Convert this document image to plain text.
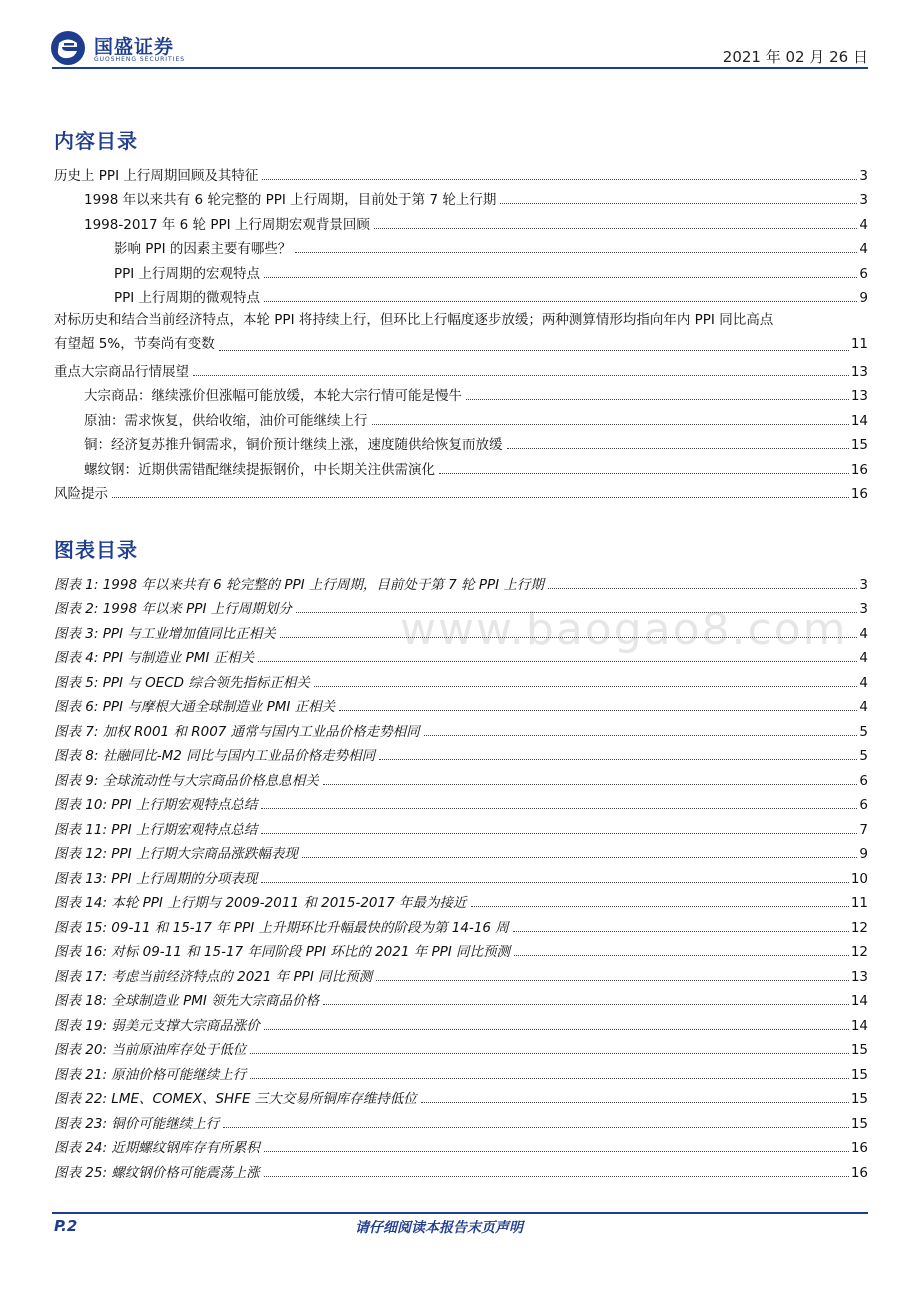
国盛证券
GUOSHENG SECURITIES	2021 年 02 月 26 日
内容目录
历史上 PPI 上行周期回顾及其特征	3
1998 年以来共有 6 轮完整的 PPI 上行周期，目前处于第 7 轮上行期	3
1998-2017 年 6 轮 PPI 上行周期宏观背景回顾	4
影响 PPI 的因素主要有哪些？	4
PPI 上行周期的宏观特点	6
PPI 上行周期的微观特点	9
对标历史和结合当前经济特点，本轮 PPI 将持续上行，但环比上行幅度逐步放缓；两种测算情形均指向年内 PPI 同比高点
有望超 5%，节奏尚有变数	11
重点大宗商品行情展望	13
大宗商品：继续涨价但涨幅可能放缓，本轮大宗行情可能是慢牛	13
原油：需求恢复，供给收缩，油价可能继续上行	14
铜：经济复苏推升铜需求，铜价预计继续上涨，速度随供给恢复而放缓	15
螺纹钢：近期供需错配继续提振钢价，中长期关注供需演化	16
风险提示	16
图表目录
www.baogao8.com
图表 1: 1998 年以来共有 6 轮完整的 PPI 上行周期，目前处于第 7 轮 PPI 上行期	3
图表 2: 1998 年以来 PPI 上行周期划分	3
图表 3: PPI 与工业增加值同比正相关	4
图表 4: PPI 与制造业 PMI 正相关	4
图表 5: PPI 与 OECD 综合领先指标正相关	4
图表 6: PPI 与摩根大通全球制造业 PMI 正相关	4
图表 7: 加权 R001 和 R007 通常与国内工业品价格走势相同	5
图表 8: 社融同比-M2 同比与国内工业品价格走势相同	5
图表 9: 全球流动性与大宗商品价格息息相关	6
图表 10: PPI 上行期宏观特点总结	6
图表 11: PPI 上行期宏观特点总结	7
图表 12: PPI 上行期大宗商品涨跌幅表现	9
图表 13: PPI 上行周期的分项表现	10
图表 14: 本轮 PPI 上行期与 2009-2011 和 2015-2017 年最为接近	11
图表 15: 09-11 和 15-17 年 PPI 上升期环比升幅最快的阶段为第 14-16 周	12
图表 16: 对标 09-11 和 15-17 年同阶段 PPI 环比的 2021 年 PPI 同比预测	12
图表 17: 考虑当前经济特点的 2021 年 PPI 同比预测	13
图表 18: 全球制造业 PMI 领先大宗商品价格	14
图表 19: 弱美元支撑大宗商品涨价	14
图表 20: 当前原油库存处于低位	15
图表 21: 原油价格可能继续上行	15
图表 22: LME、COMEX、SHFE 三大交易所铜库存维持低位	15
图表 23: 铜价可能继续上行	15
图表 24: 近期螺纹钢库存有所累积	16
图表 25: 螺纹钢价格可能震荡上涨	16
P.2	请仔细阅读本报告末页声明
